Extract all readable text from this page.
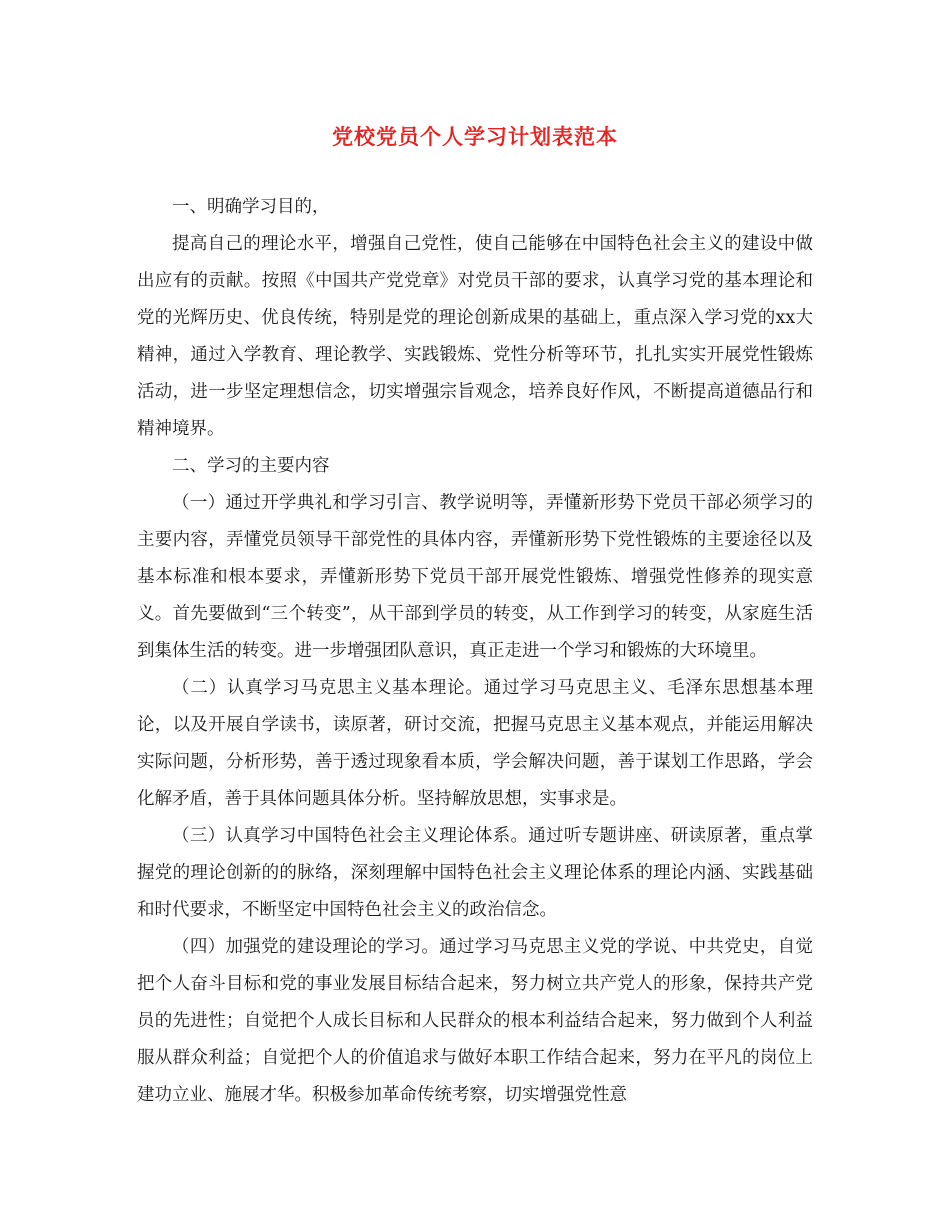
党校党员个人学习计划表范本

一、明确学习目的，

提高自己的理论水平，增强自己党性，使自己能够在中国特色社会主义的建设中做出应有的贡献。按照《中国共产党党章》对党员干部的要求，认真学习党的基本理论和党的光辉历史、优良传统，特别是党的理论创新成果的基础上，重点深入学习党的xx大精神，通过入学教育、理论教学、实践锻炼、党性分析等环节，扎扎实实开展党性锻炼活动，进一步坚定理想信念，切实增强宗旨观念，培养良好作风，不断提高道德品行和精神境界。

二、学习的主要内容

（一）通过开学典礼和学习引言、教学说明等，弄懂新形势下党员干部必须学习的主要内容，弄懂党员领导干部党性的具体内容，弄懂新形势下党性锻炼的主要途径以及基本标准和根本要求，弄懂新形势下党员干部开展党性锻炼、增强党性修养的现实意义。首先要做到“三个转变”，从干部到学员的转变，从工作到学习的转变，从家庭生活到集体生活的转变。进一步增强团队意识，真正走进一个学习和锻炼的大环境里。

（二）认真学习马克思主义基本理论。通过学习马克思主义、毛泽东思想基本理论，以及开展自学读书，读原著，研讨交流，把握马克思主义基本观点，并能运用解决实际问题，分析形势，善于透过现象看本质，学会解决问题，善于谋划工作思路，学会化解矛盾，善于具体问题具体分析。坚持解放思想，实事求是。

（三）认真学习中国特色社会主义理论体系。通过听专题讲座、研读原著，重点掌握党的理论创新的的脉络，深刻理解中国特色社会主义理论体系的理论内涵、实践基础和时代要求，不断坚定中国特色社会主义的政治信念。

（四）加强党的建设理论的学习。通过学习马克思主义党的学说、中共党史，自觉把个人奋斗目标和党的事业发展目标结合起来，努力树立共产党人的形象，保持共产党员的先进性；自觉把个人成长目标和人民群众的根本利益结合起来，努力做到个人利益服从群众利益；自觉把个人的价值追求与做好本职工作结合起来，努力在平凡的岗位上建功立业、施展才华。积极参加革命传统考察，切实增强党性意
